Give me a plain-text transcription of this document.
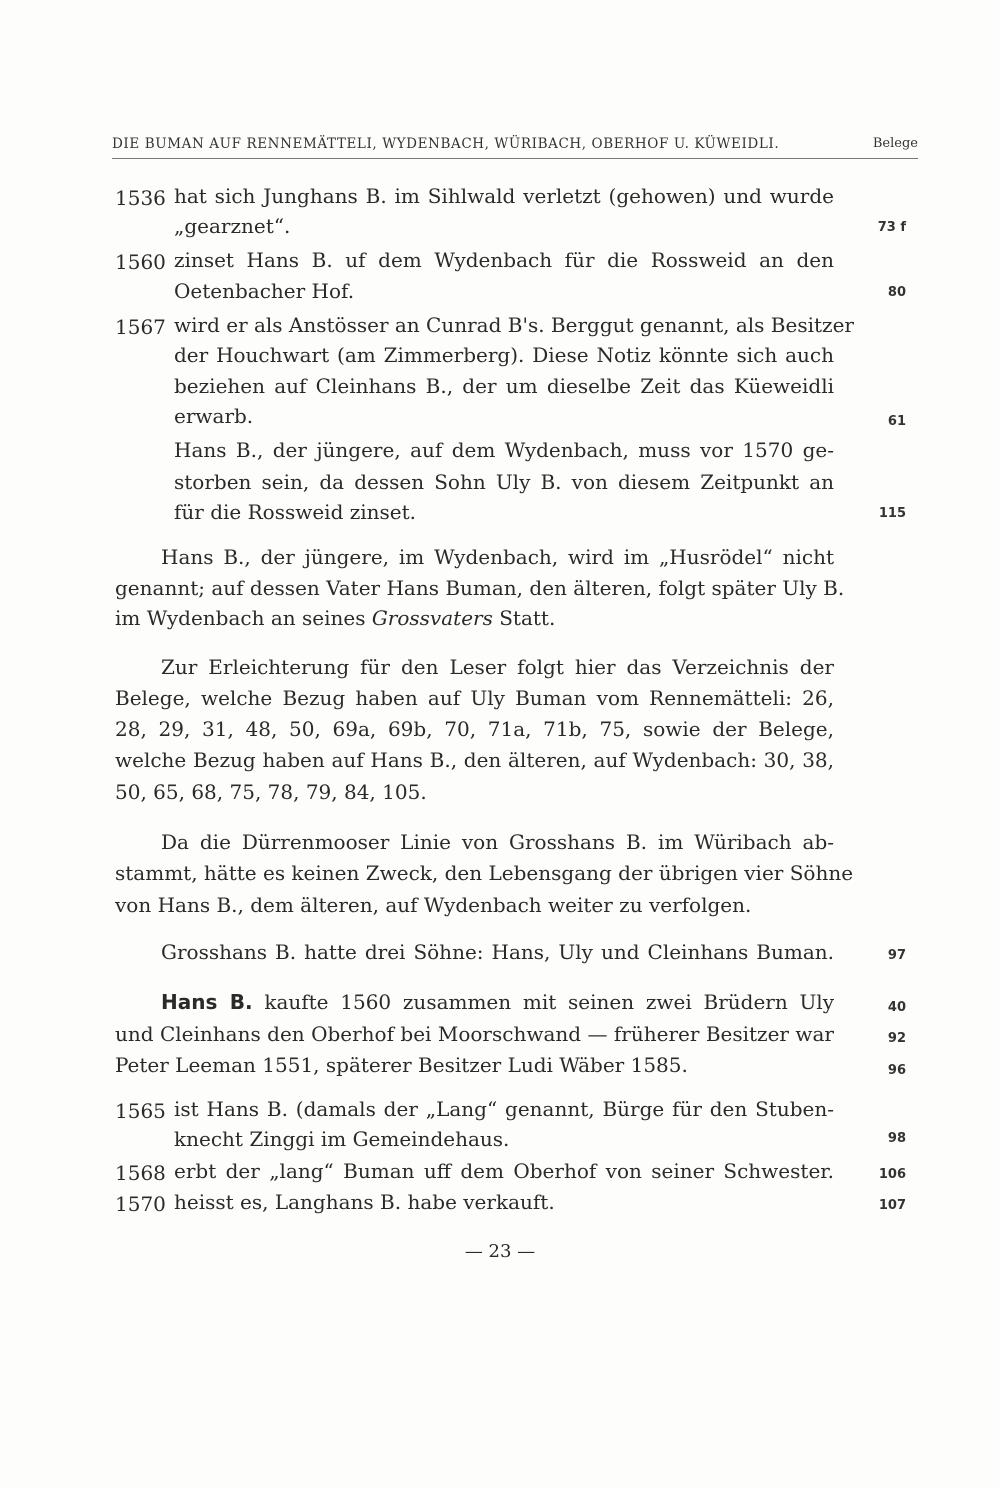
DIE BUMAN AUF RENNEMÄTTELI, WYDENBACH, WÜRIBACH, OBERHOF U. KÜWEIDLI.	Belege
1536 hat sich Junghans B. im Sihlwald verletzt (gehowen) und wurde
„gearznet“.	73 f
1560 zinset Hans B. uf dem Wydenbach für die Rossweid an den
Oetenbacher Hof.	80
1567 wird er als Anstösser an Cunrad B's. Berggut genannt, als Besitzer
der Houchwart (am Zimmerberg). Diese Notiz könnte sich auch
beziehen auf Cleinhans B., der um dieselbe Zeit das Küeweidli
erwarb.	61
Hans B., der jüngere, auf dem Wydenbach, muss vor 1570 ge-
storben sein, da dessen Sohn Uly B. von diesem Zeitpunkt an
für die Rossweid zinset.	115
Hans B., der jüngere, im Wydenbach, wird im „Husrödel“ nicht
genannt; auf dessen Vater Hans Buman, den älteren, folgt später Uly B.
im Wydenbach an seines Grossvaters Statt.
Zur Erleichterung für den Leser folgt hier das Verzeichnis der
Belege, welche Bezug haben auf Uly Buman vom Rennemätteli: 26,
28, 29, 31, 48, 50, 69a, 69b, 70, 71a, 71b, 75, sowie der Belege,
welche Bezug haben auf Hans B., den älteren, auf Wydenbach: 30, 38,
50, 65, 68, 75, 78, 79, 84, 105.
Da die Dürrenmooser Linie von Grosshans B. im Würibach ab-
stammt, hätte es keinen Zweck, den Lebensgang der übrigen vier Söhne
von Hans B., dem älteren, auf Wydenbach weiter zu verfolgen.
Grosshans B. hatte drei Söhne: Hans, Uly und Cleinhans Buman.	97
Hans B. kaufte 1560 zusammen mit seinen zwei Brüdern Uly	40
und Cleinhans den Oberhof bei Moorschwand — früherer Besitzer war	92
Peter Leeman 1551, späterer Besitzer Ludi Wäber 1585.	96
1565 ist Hans B. (damals der „Lang“ genannt, Bürge für den Stuben-
knecht Zinggi im Gemeindehaus.	98
1568 erbt der „lang“ Buman uff dem Oberhof von seiner Schwester.	106
1570 heisst es, Langhans B. habe verkauft.	107
— 23 —
